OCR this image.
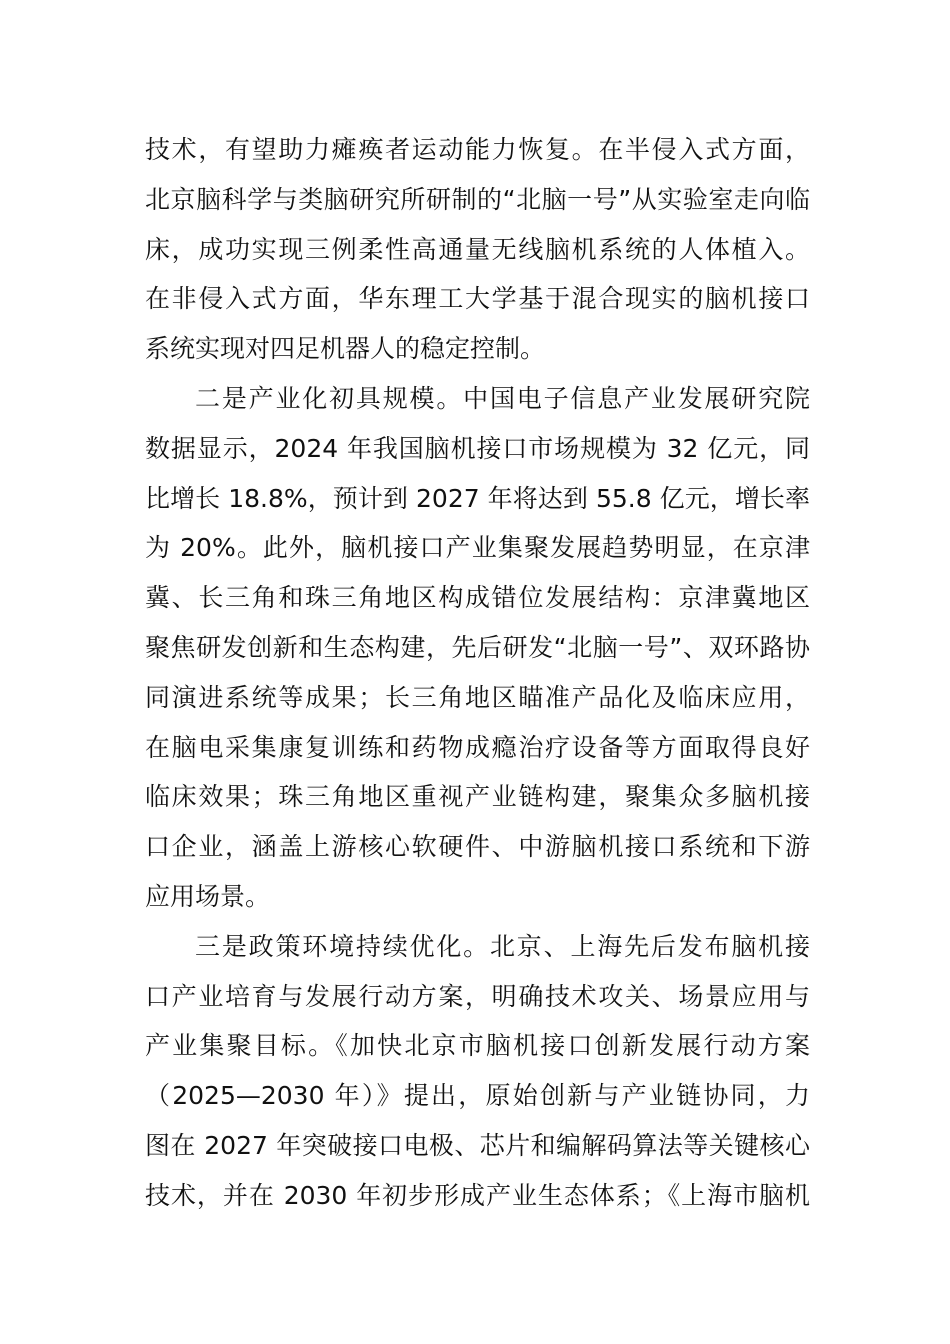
技术，有望助力瘫痪者运动能力恢复。在半侵入式方面，
北京脑科学与类脑研究所研制的“北脑一号”从实验室走向临
床，成功实现三例柔性高通量无线脑机系统的人体植入。
在非侵入式方面，华东理工大学基于混合现实的脑机接口
系统实现对四足机器人的稳定控制。
二是产业化初具规模。中国电子信息产业发展研究院
数据显示，2024 年我国脑机接口市场规模为 32 亿元，同
比增长 18.8%，预计到 2027 年将达到 55.8 亿元，增长率
为 20%。此外，脑机接口产业集聚发展趋势明显，在京津
冀、长三角和珠三角地区构成错位发展结构：京津冀地区
聚焦研发创新和生态构建，先后研发“北脑一号”、双环路协
同演进系统等成果；长三角地区瞄准产品化及临床应用，
在脑电采集康复训练和药物成瘾治疗设备等方面取得良好
临床效果；珠三角地区重视产业链构建，聚集众多脑机接
口企业，涵盖上游核心软硬件、中游脑机接口系统和下游
应用场景。
三是政策环境持续优化。北京、上海先后发布脑机接
口产业培育与发展行动方案，明确技术攻关、场景应用与
产业集聚目标。《加快北京市脑机接口创新发展行动方案
（2025—2030 年）》提出，原始创新与产业链协同，力
图在 2027 年突破接口电极、芯片和编解码算法等关键核心
技术，并在 2030 年初步形成产业生态体系；《上海市脑机
